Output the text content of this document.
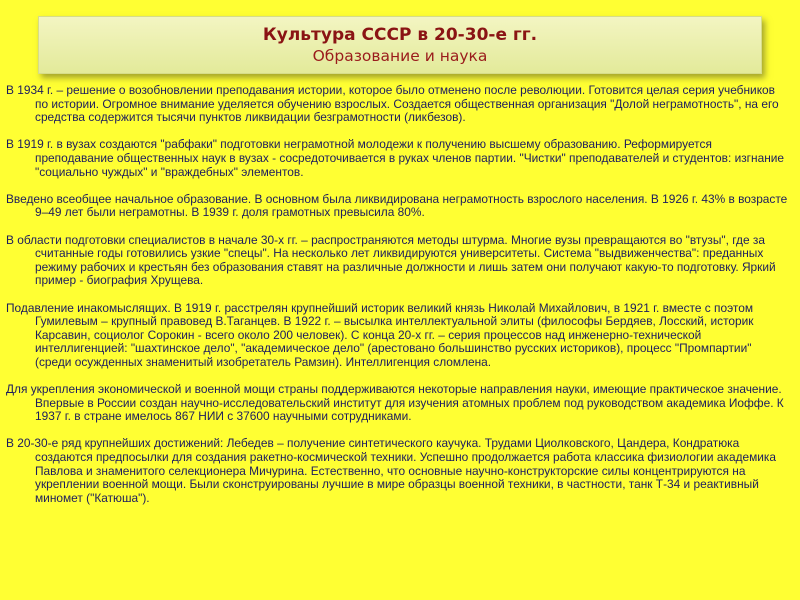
Культура СССР в 20-30-е гг.
Образование и наука

В 1934 г. – решение о возобновлении преподавания истории, которое было отменено после революции. Готовится целая серия учебников по истории. Огромное внимание уделяется обучению взрослых. Создается общественная организация "Долой неграмотность", на его средства содержится тысячи пунктов ликвидации безграмотности (ликбезов).

В 1919 г. в вузах создаются "рабфаки" подготовки неграмотной молодежи к получению высшему образованию. Реформируется преподавание общественных наук в вузах - сосредоточивается в руках членов партии. "Чистки" преподавателей и студентов: изгнание "социально чуждых" и "враждебных" элементов.

Введено всеобщее начальное образование. В основном была ликвидирована неграмотность взрослого населения. В 1926 г. 43% в возрасте 9–49 лет были неграмотны. В 1939 г. доля грамотных превысила 80%.

В области подготовки специалистов в начале 30-х гг. – распространяются методы штурма. Многие вузы превращаются во "втузы", где за считанные годы готовились узкие "спецы". На несколько лет ликвидируются университеты. Система "выдвиженчества": преданных режиму рабочих и крестьян без образования ставят на различные должности и лишь затем они получают какую-то подготовку. Яркий пример - биография Хрущева.

Подавление инакомыслящих. В 1919 г. расстрелян крупнейший историк великий князь Николай Михайлович, в 1921 г. вместе с поэтом Гумилевым – крупный правовед В.Таганцев. В 1922 г. – высылка интеллектуальной элиты (философы Бердяев, Лосский, историк Карсавин, социолог Сорокин - всего около 200 человек). С конца 20-х гг. – серия процессов над инженерно-технической интеллигенцией: "шахтинское дело", "академическое дело" (арестовано большинство русских историков), процесс "Промпартии" (среди осужденных знаменитый изобретатель Рамзин). Интеллигенция сломлена.

Для укрепления экономической и военной мощи страны поддерживаются некоторые направления науки, имеющие практическое значение. Впервые в России создан научно-исследовательский институт для изучения атомных проблем под руководством академика Иоффе. К 1937 г. в стране имелось 867 НИИ с 37600 научными сотрудниками.

В 20-30-е ряд крупнейших достижений: Лебедев – получение синтетического каучука. Трудами Циолковского, Цандера, Кондратюка создаются предпосылки для создания ракетно-космической техники. Успешно продолжается работа классика физиологии академика Павлова и знаменитого селекционера Мичурина. Естественно, что основные научно-конструкторские силы концентрируются на укреплении военной мощи. Были сконструированы лучшие в мире образцы военной техники, в частности, танк Т-34 и реактивный миномет ("Катюша").
